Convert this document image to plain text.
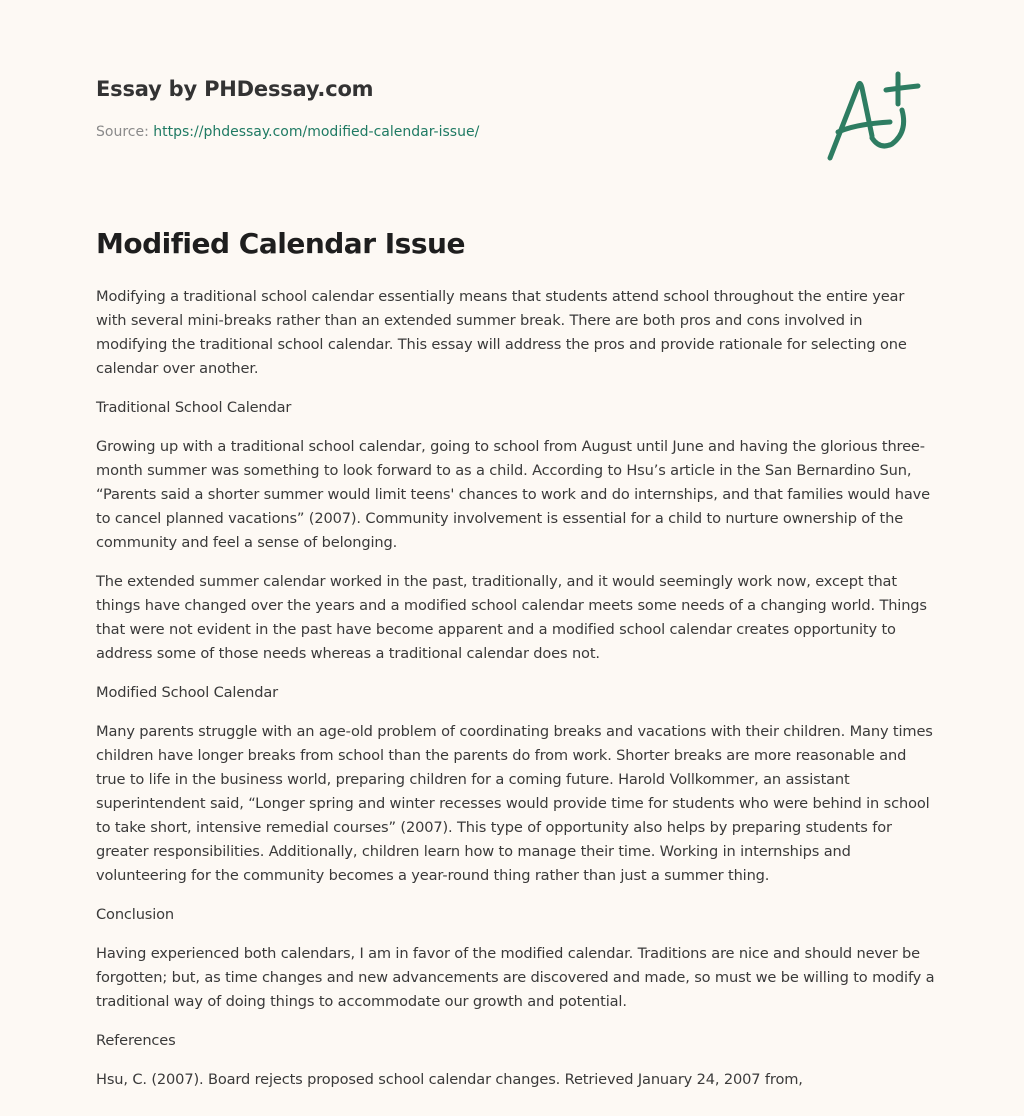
Essay by PHDessay.com
Source: https://phdessay.com/modified-calendar-issue/
Modified Calendar Issue

Modifying a traditional school calendar essentially means that students attend school throughout the entire year with several mini-breaks rather than an extended summer break. There are both pros and cons involved in modifying the traditional school calendar. This essay will address the pros and provide rationale for selecting one calendar over another.

Traditional School Calendar

Growing up with a traditional school calendar, going to school from August until June and having the glorious three-month summer was something to look forward to as a child. According to Hsu’s article in the San Bernardino Sun, “Parents said a shorter summer would limit teens' chances to work and do internships, and that families would have to cancel planned vacations” (2007). Community involvement is essential for a child to nurture ownership of the community and feel a sense of belonging.

The extended summer calendar worked in the past, traditionally, and it would seemingly work now, except that things have changed over the years and a modified school calendar meets some needs of a changing world. Things that were not evident in the past have become apparent and a modified school calendar creates opportunity to address some of those needs whereas a traditional calendar does not.

Modified School Calendar

Many parents struggle with an age-old problem of coordinating breaks and vacations with their children. Many times children have longer breaks from school than the parents do from work. Shorter breaks are more reasonable and true to life in the business world, preparing children for a coming future. Harold Vollkommer, an assistant superintendent said, “Longer spring and winter recesses would provide time for students who were behind in school to take short, intensive remedial courses” (2007). This type of opportunity also helps by preparing students for greater responsibilities. Additionally, children learn how to manage their time. Working in internships and volunteering for the community becomes a year-round thing rather than just a summer thing.

Conclusion

Having experienced both calendars, I am in favor of the modified calendar. Traditions are nice and should never be forgotten; but, as time changes and new advancements are discovered and made, so must we be willing to modify a traditional way of doing things to accommodate our growth and potential.

References

Hsu, C. (2007). Board rejects proposed school calendar changes. Retrieved January 24, 2007 from,
